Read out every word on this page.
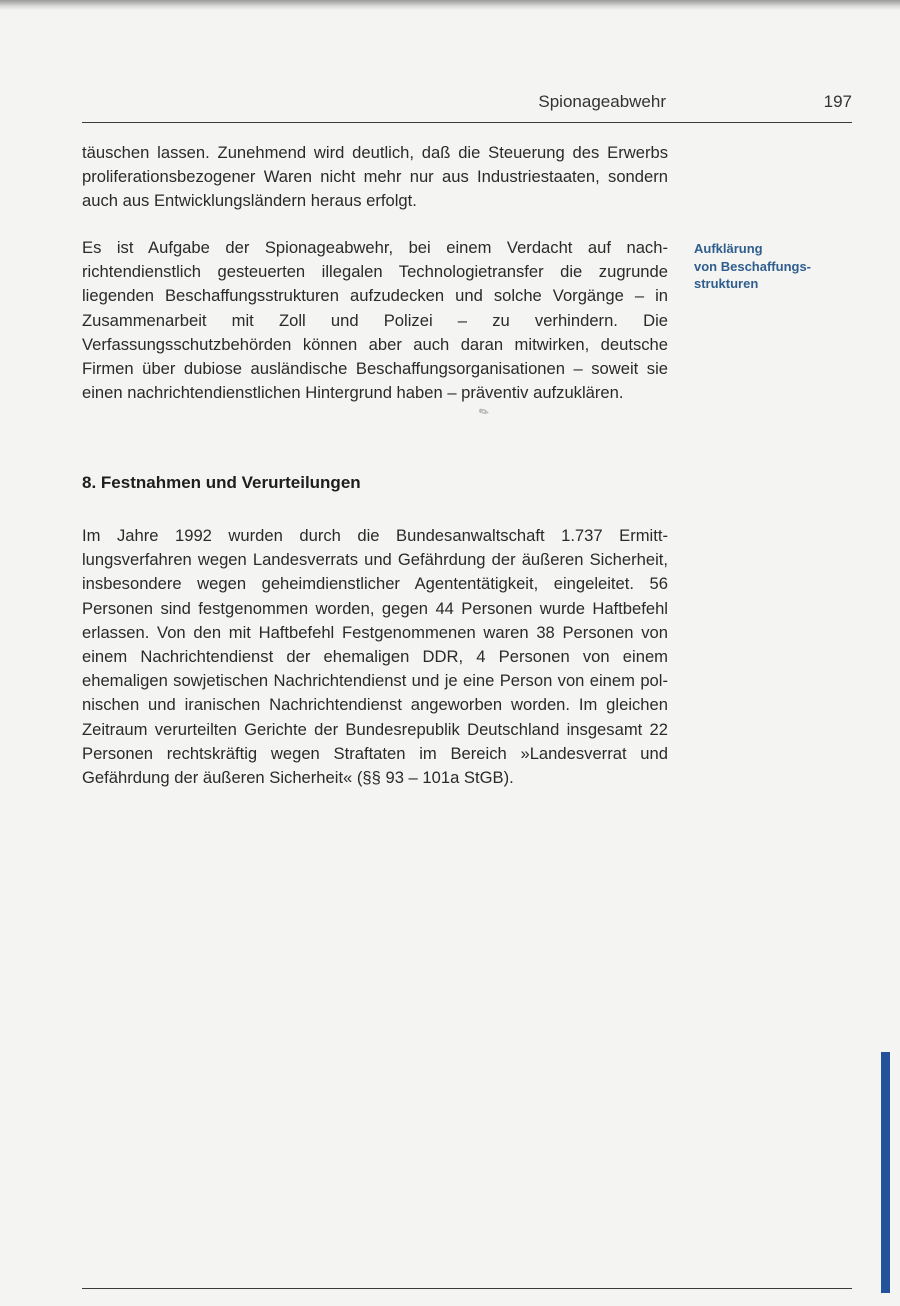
Spionageabwehr	197

täuschen lassen. Zunehmend wird deutlich, daß die Steuerung des Erwerbs proliferationsbezogener Waren nicht mehr nur aus Industriestaaten, sondern auch aus Entwicklungsländern heraus erfolgt.

Es ist Aufgabe der Spionageabwehr, bei einem Verdacht auf nachrichtendienstlich gesteuerten illegalen Technologietransfer die zugrunde liegenden Beschaffungsstrukturen aufzudecken und solche Vorgänge – in Zusammenarbeit mit Zoll und Polizei – zu verhindern. Die Verfassungsschutzbehörden können aber auch daran mitwirken, deutsche Firmen über dubiose ausländische Beschaffungsorganisationen – soweit sie einen nachrichtendienstlichen Hintergrund haben – präventiv aufzuklären.

Aufklärung
von Beschaffungs-
strukturen
✎
8. Festnahmen und Verurteilungen

Im Jahre 1992 wurden durch die Bundesanwaltschaft 1.737 Ermittlungsverfahren wegen Landesverrats und Gefährdung der äußeren Sicherheit, insbesondere wegen geheimdienstlicher Agententätigkeit, eingeleitet. 56 Personen sind festgenommen worden, gegen 44 Personen wurde Haftbefehl erlassen. Von den mit Haftbefehl Festgenommenen waren 38 Personen von einem Nachrichtendienst der ehemaligen DDR, 4 Personen von einem ehemaligen sowjetischen Nachrichtendienst und je eine Person von einem polnischen und iranischen Nachrichtendienst angeworben worden. Im gleichen Zeitraum verurteilten Gerichte der Bundesrepublik Deutschland insgesamt 22 Personen rechtskräftig wegen Straftaten im Bereich »Landesverrat und Gefährdung der äußeren Sicherheit« (§§ 93 – 101a StGB).
